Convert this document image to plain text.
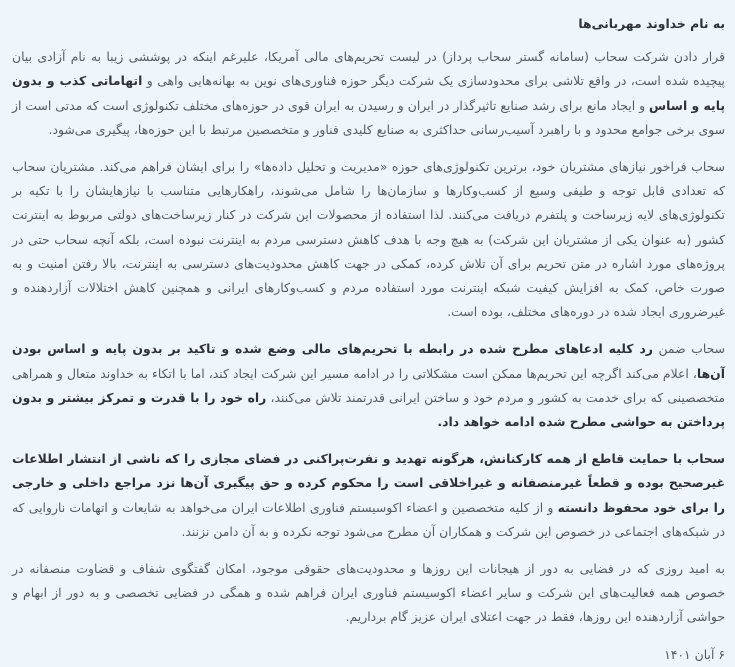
به نام خداوند مهربانی‌ها

قرار دادن شرکت سحاب (سامانه گستر سحاب پرداز) در لیست تحریم‌های مالی آمریکا، علیرغم اینکه در پوششی زیبا به نام آزادی بیان پیچیده شده است، در واقع تلاشی برای محدودسازی یک شرکت دیگر حوزه فناوری‌های نوین به بهانه‌هایی واهی و اتهاماتی کذب و بدون پایه و اساس و ایجاد مانع برای رشد صنایع تاثیرگذار در ایران و رسیدن به ایران قوی در حوزه‌های مختلف تکنولوژی است که مدتی است از سوی برخی جوامع محدود و با راهبرد آسیب‌رسانی حداکثری به صنایع کلیدی فناور و متخصصین مرتبط با این حوزه‌ها، پیگیری می‌شود.

سحاب فراخور نیازهای مشتریان خود، برترین تکنولوژی‌های حوزه «مدیریت و تحلیل داده‌ها» را برای ایشان فراهم می‌کند. مشتریان سحاب که تعدادی قابل توجه و طیفی وسیع از کسب‌وکارها و سازمان‌ها را شامل می‌شوند، راهکارهایی متناسب با نیازهایشان را با تکیه بر تکنولوژی‌های لایه زیرساخت و پلتفرم دریافت می‌کنند. لذا استفاده از محصولات این شرکت در کنار زیرساخت‌های دولتی مربوط به اینترنت کشور (به عنوان یکی از مشتریان این شرکت) به هیچ وجه با هدف کاهش دسترسی مردم به اینترنت نبوده است، بلکه آنچه سحاب حتی در پروژه‌های مورد اشاره در متن تحریم برای آن تلاش کرده، کمکی در جهت کاهش محدودیت‌های دسترسی به اینترنت، بالا رفتن امنیت و به صورت خاص، کمک به افزایش کیفیت شبکه اینترنت مورد استفاده مردم و کسب‌وکارهای ایرانی و همچنین کاهش اختلالات آزاردهنده و غیرضروری ایجاد شده در دوره‌های مختلف، بوده است.

سحاب ضمن رد کلیه ادعاهای مطرح شده در رابطه با تحریم‌های مالی وضع شده و تاکید بر بدون پایه و اساس بودن آن‌ها، اعلام می‌کند اگرچه این تحریم‌ها ممکن است مشکلاتی را در ادامه مسیر این شرکت ایجاد کند، اما با اتکاء به خداوند متعال و همراهی متخصصینی که برای خدمت به کشور و مردم خود و ساختن ایرانی قدرتمند تلاش می‌کنند، راه خود را با قدرت و تمرکز بیشتر و بدون پرداختن به حواشی مطرح شده ادامه خواهد داد.

سحاب با حمایت قاطع از همه کارکنانش، هرگونه تهدید و نفرت‌پراکنی در فضای مجازی را که ناشی از انتشار اطلاعات غیرصحیح بوده و قطعاً غیرمنصفانه و غیراخلاقی است را محکوم کرده و حق پیگیری آن‌ها نزد مراجع داخلی و خارجی را برای خود محفوظ دانسته و از کلیه متخصصین و اعضاء اکوسیستم فناوری اطلاعات ایران می‌خواهد به شایعات و اتهامات ناروایی که در شبکه‌های اجتماعی در خصوص این شرکت و همکاران آن مطرح می‌شود توجه نکرده و به آن دامن نزنند.

به امید روزی که در فضایی به دور از هیجانات این روزها و محدودیت‌های حقوقی موجود، امکان گفتگوی شفاف و قضاوت منصفانه در خصوص همه فعالیت‌های این شرکت و سایر اعضاء اکوسیستم فناوری ایران فراهم شده و همگی در فضایی تخصصی و به دور از ابهام و حواشی آزاردهنده این روزها، فقط در جهت اعتلای ایران عزیز گام برداریم.

۶ آبان ۱۴۰۱
